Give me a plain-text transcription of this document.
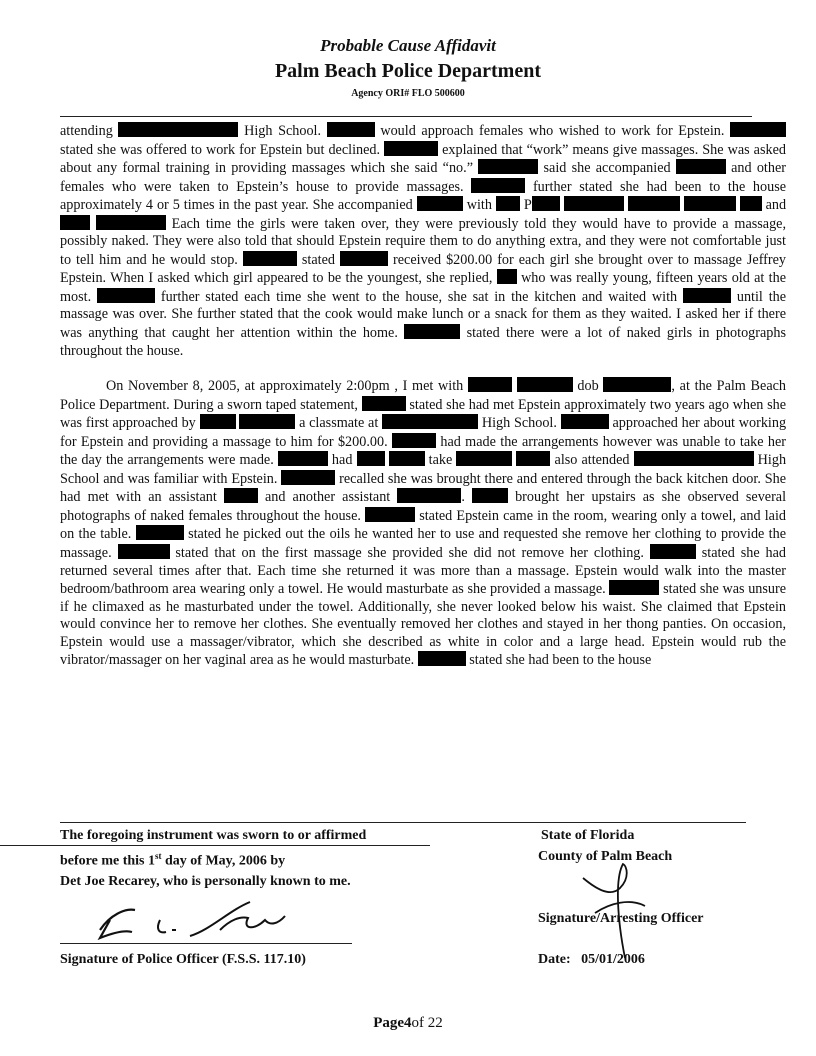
Probable Cause Affidavit
Palm Beach Police Department
Agency ORI# FLO 500600

attending	High School.	would approach females who wished to work for Epstein.  stated she was offered to work for Epstein but declined.	explained that “work” means give massages. She was asked about any formal training in providing massages which she said “no.”	said she accompanied	and other females who were taken to Epstein’s house to provide massages.	further stated she had been to the house approximately 4 or 5 times in the past year. She accompanied	with P	and   Each time the girls were taken over, they were previously told they would have to provide a massage, possibly naked. They were also told that should Epstein require them to do anything extra, and they were not comfortable just to tell him and he would stop.	stated	received $200.00 for each girl she brought over to massage Jeffrey Epstein. When I asked which girl appeared to be the youngest, she replied, who was really young, fifteen years old at the most.	further stated each time she went to the house, she sat in the kitchen and waited with	until the massage was over. She further stated that the cook would make lunch or a snack for them as they waited. I asked her if there was anything that caught her attention within the home.	stated there were a lot of naked girls in photographs throughout the house.

On November 8, 2005, at approximately 2:00pm , I met with	dob	, at the Palm Beach Police Department. During a sworn taped statement,	stated she had met Epstein approximately two years ago when she was first approached by	a classmate at	High School.	approached her about working for Epstein and providing a massage to him for $200.00.	had made the arrangements however was unable to take her the day the arrangements were made.	had	take	also attended	High School and was familiar with Epstein.	recalled she was brought there and entered through the back kitchen door. She had met with an assistant	and another assistant	.	brought her upstairs as she observed several photographs of naked females throughout the house.	stated Epstein came in the room, wearing only a towel, and laid on the table.	stated he picked out the oils he wanted her to use and requested she remove her clothing to provide the massage.	stated that on the first massage she provided she did not remove her clothing.	stated she had returned several times after that. Each time she returned it was more than a massage. Epstein would walk into the master bedroom/bathroom area wearing only a towel. He would masturbate as she provided a massage.	stated she was unsure if he climaxed as he masturbated under the towel. Additionally, she never looked below his waist. She claimed that Epstein would convince her to remove her clothes. She eventually removed her clothes and stayed in her thong panties. On occasion, Epstein would use a massager/vibrator, which she described as white in color and a large head. Epstein would rub the vibrator/massager on her vaginal area as he would masturbate.	stated she had been to the house

The foregoing instrument was sworn to or affirmed
before me this 1st day of May, 2006 by
Det Joe Recarey, who is personally known to me.
Signature of Police Officer (F.S.S. 117.10)
State of Florida
County of Palm Beach
Signature/Arresting Officer
Date: 05/01/2006
Page4of 22
